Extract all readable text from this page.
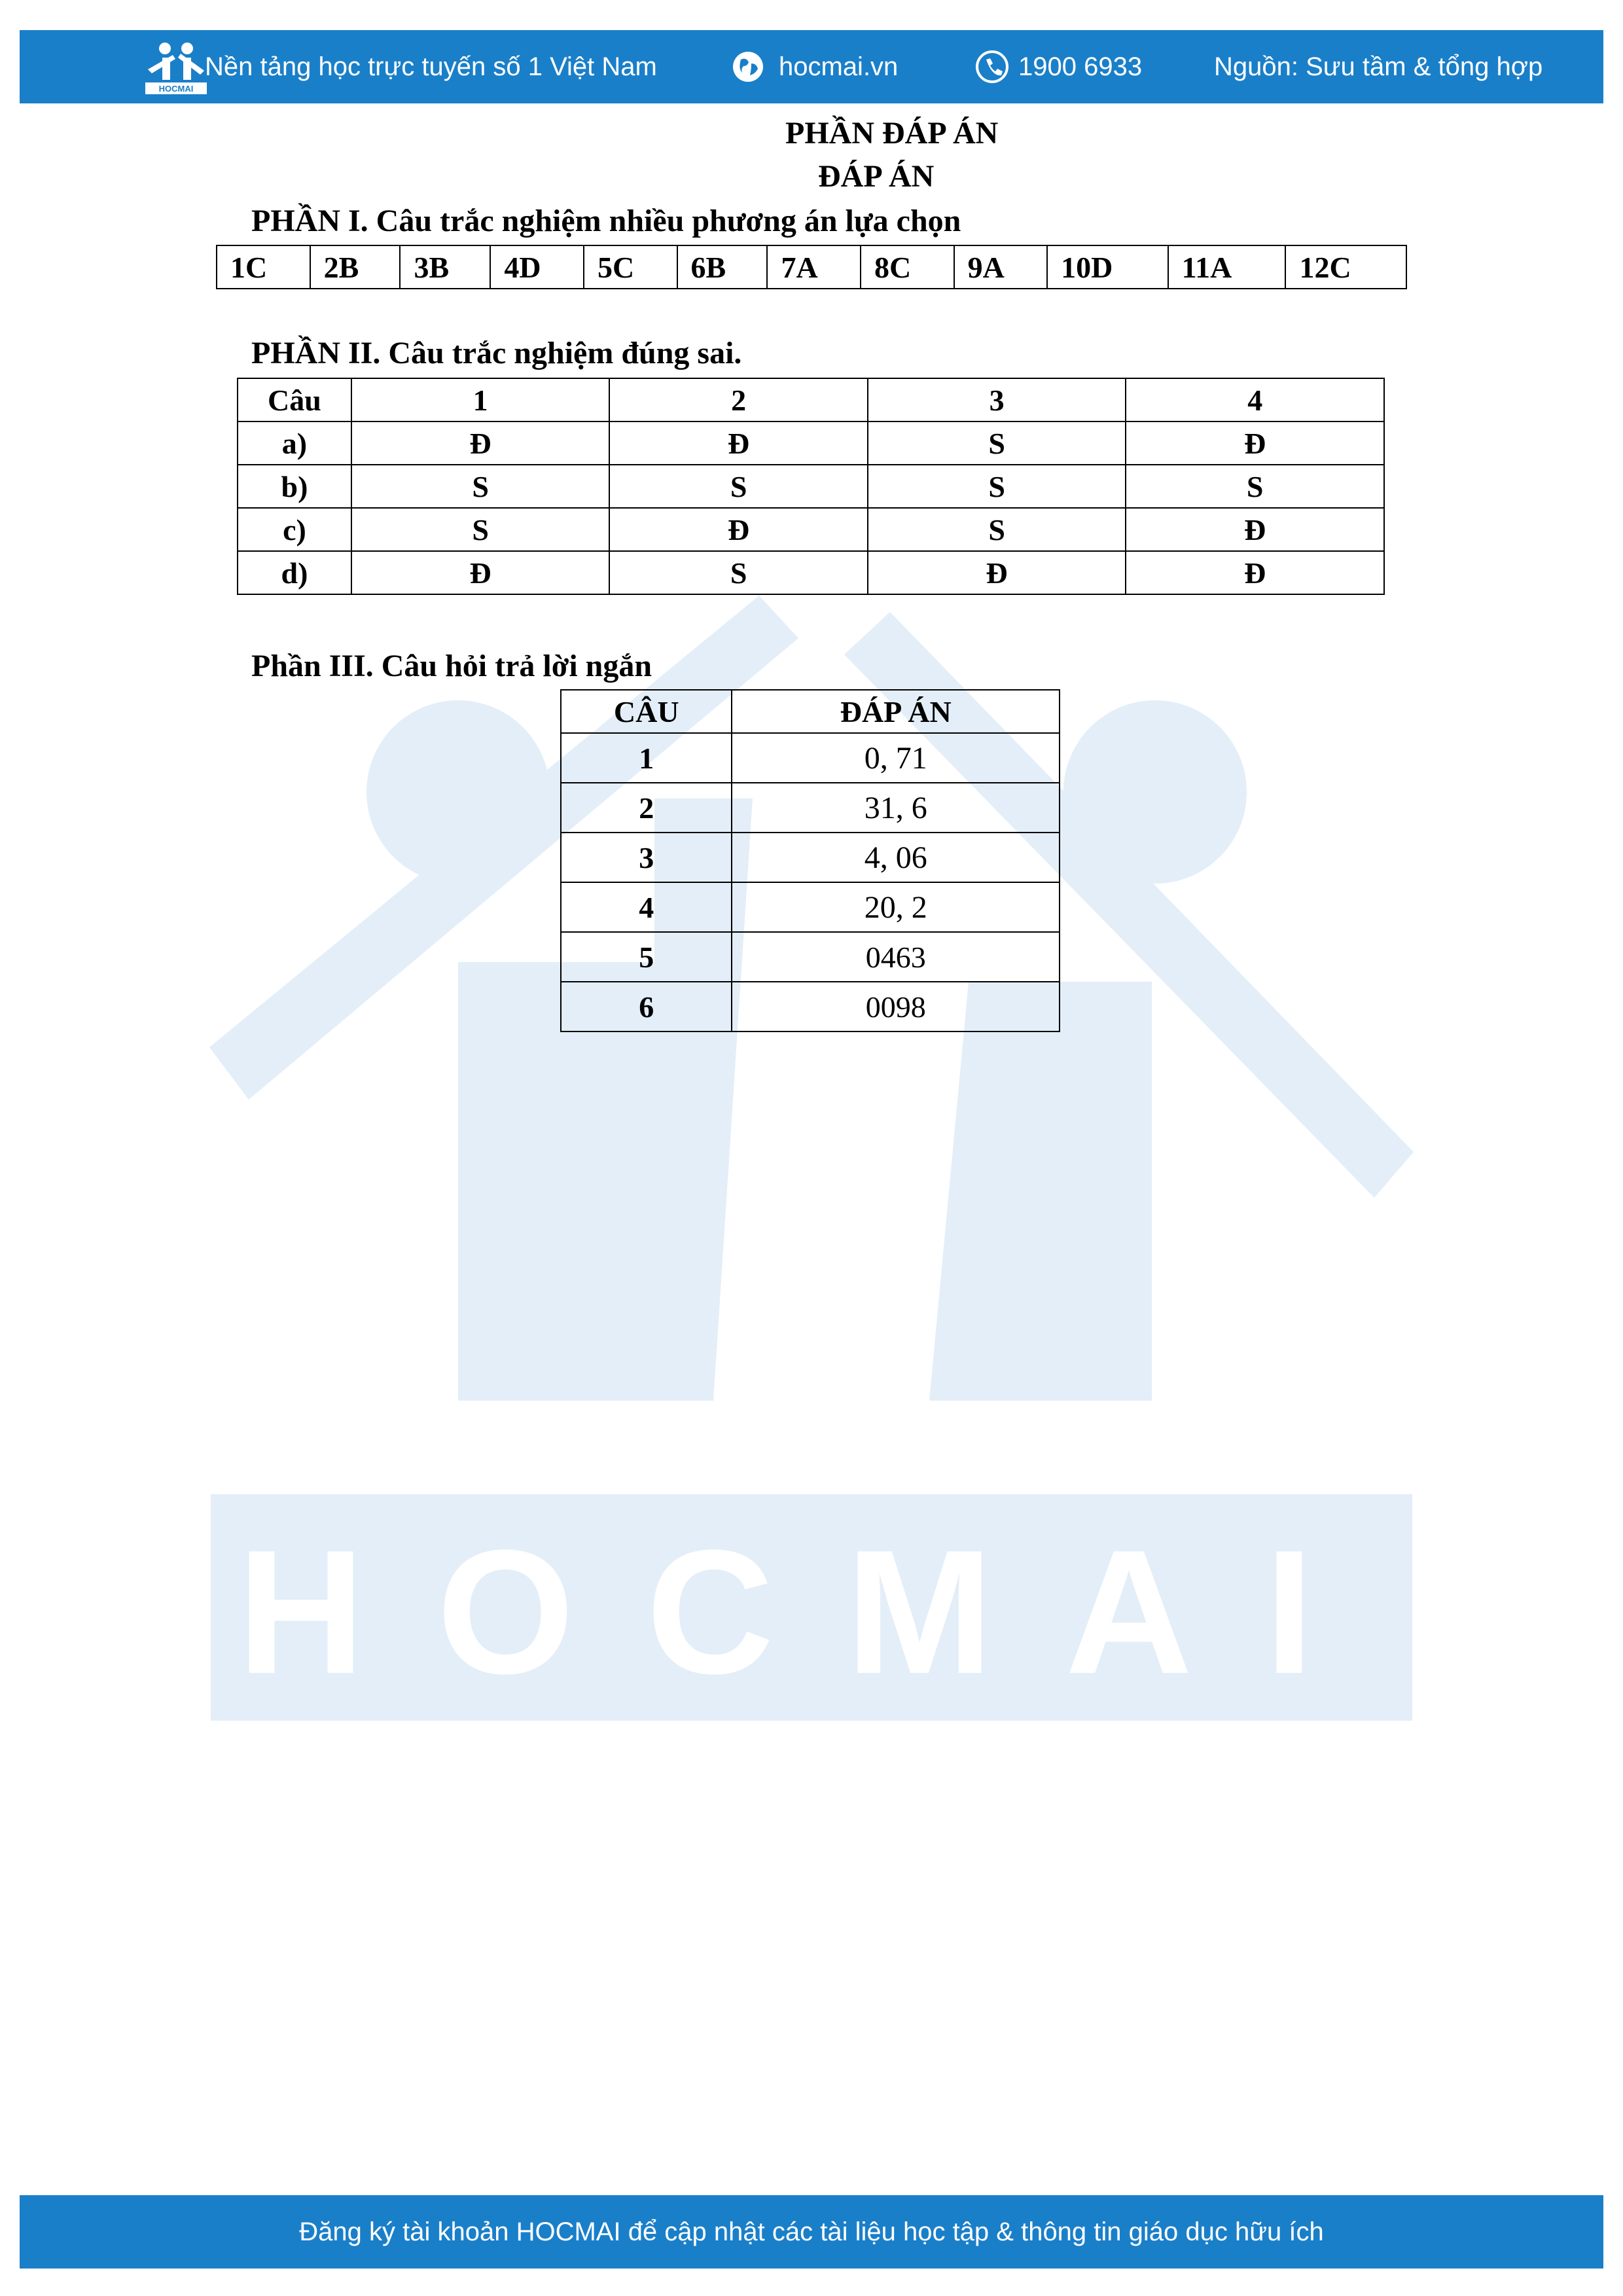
HOCMAI
HOCMAI
Nền tảng học trực tuyến số 1 Việt Nam	hocmai.vn	1900 6933	Nguồn: Sưu tầm & tổng hợp
PHẦN ĐÁP ÁN
ĐÁP ÁN
PHẦN I. Câu trắc nghiệm nhiều phương án lựa chọn
1C	2B	3B	4D	5C	6B	7A	8C	9A	10D	11A	12C
PHẦN II. Câu trắc nghiệm đúng sai.
Câu	1	2	3	4
a)	Đ	Đ	S	Đ
b)	S	S	S	S
c)	S	Đ	S	Đ
d)	Đ	S	Đ	Đ
Phần III. Câu hỏi trả lời ngắn
CÂU	ĐÁP ÁN
1	0, 71
2	31, 6
3	4, 06
4	20, 2
5	0463
6	0098
Đăng ký tài khoản HOCMAI để cập nhật các tài liệu học tập & thông tin giáo dục hữu ích
